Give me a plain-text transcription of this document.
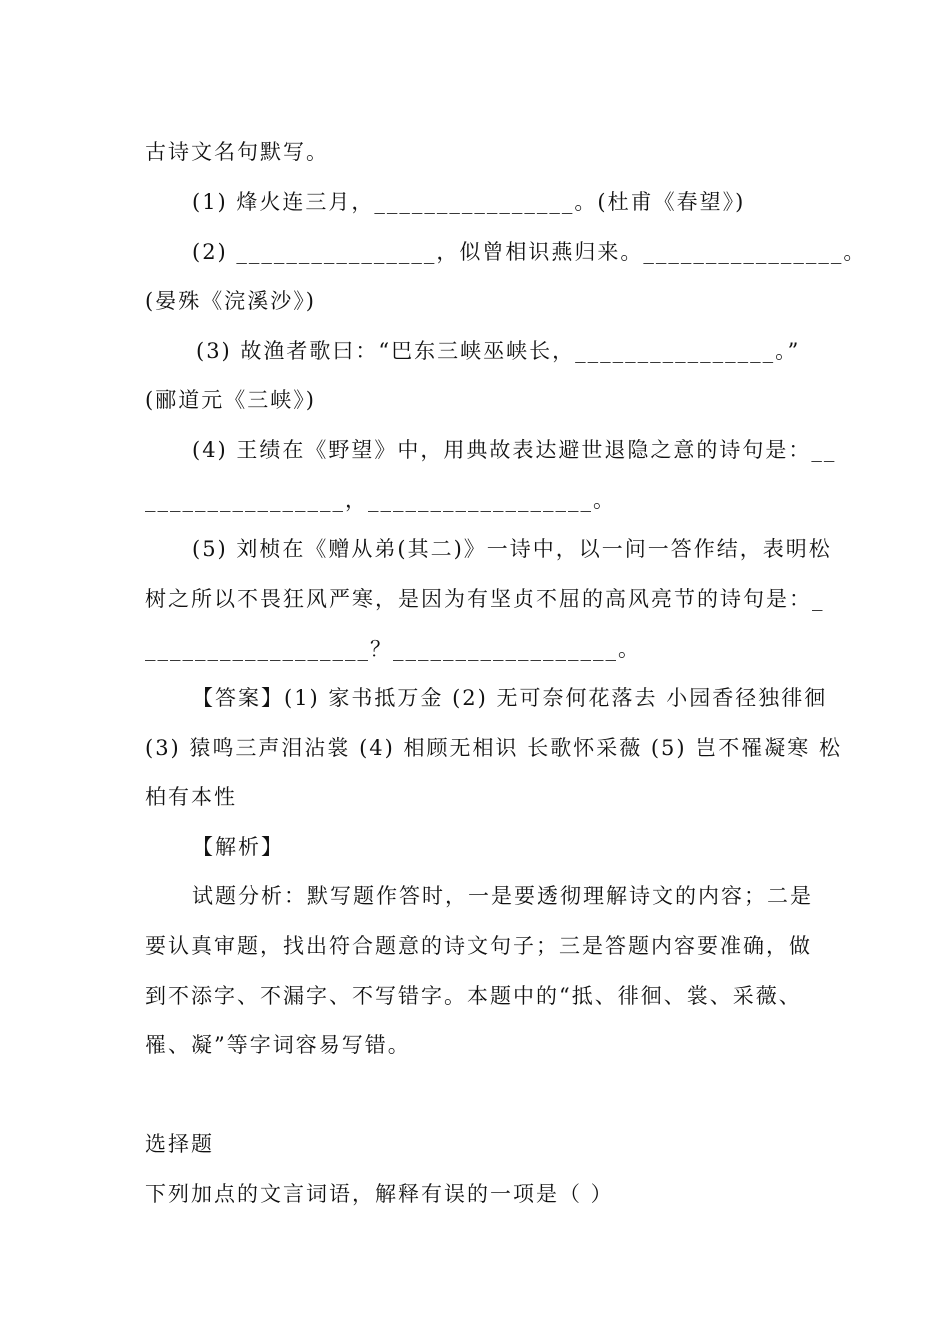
古诗文名句默写。
(1) 烽火连三月，________________。(杜甫《春望》)
(2) ________________，似曾相识燕归来。________________。
(晏殊《浣溪沙》)
(3) 故渔者歌曰：“巴东三峡巫峡长，________________。”
(郦道元《三峡》)
(4) 王绩在《野望》中，用典故表达避世退隐之意的诗句是：__
________________，__________________。
(5) 刘桢在《赠从弟(其二)》一诗中，以一问一答作结，表明松
树之所以不畏狂风严寒，是因为有坚贞不屈的高风亮节的诗句是：_
__________________？__________________。
【答案】(1) 家书抵万金 (2) 无可奈何花落去 小园香径独徘徊
(3) 猿鸣三声泪沾裳 (4) 相顾无相识 长歌怀采薇 (5) 岂不罹凝寒 松
柏有本性
【解析】
试题分析：默写题作答时，一是要透彻理解诗文的内容；二是
要认真审题，找出符合题意的诗文句子；三是答题内容要准确，做
到不添字、不漏字、不写错字。本题中的“抵、徘徊、裳、采薇、
罹、凝”等字词容易写错。
选择题
下列加点的文言词语，解释有误的一项是（ ）
